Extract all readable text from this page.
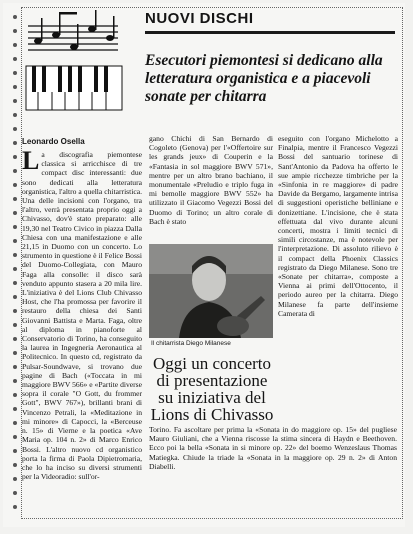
NUOVI DISCHI
Esecutori piemontesi si dedicano alla letteratura organistica e a piacevoli sonate per chitarra
Leonardo Osella

La discografia piemontese classica si arricchisce di tre compact disc interessanti: due sono dedicati alla letteratura organistica, l'altro a quella chitarristica. Una delle incisioni con l'organo, tra l'altro, verrà presentata proprio oggi a Chivasso, dov'è stato preparato: alle 19,30 nel Teatro Civico in piazza Dalla Chiesa con una manifestazione e alle 21,15 in Duomo con un concerto. Lo strumento in questione è il Felice Bossi del Duomo-Collegiata, con Mauro Faga alla consolle: il disco sarà venduto appunto stasera a 20 mila lire. L'iniziativa è del Lions Club Chivasso Host, che l'ha promossa per favorire il restauro della chiesa dei Santi Giovanni Battista e Marta. Faga, oltre al diploma in pianoforte al Conservatorio di Torino, ha conseguito la laurea in Ingegneria Aeronautica al Politecnico. In questo cd, registrato da Pulsar-Soundwave, si trovano due pagine di Bach («Toccata in mi maggiore BWV 566» e «Partite diverse sopra il corale "O Gott, du frommer Gott", BWV 767»), brillanti brani di Vincenzo Petrali, la «Meditazione in mi minore» di Capocci, la «Berceuse n. 15» di Vierne e la poetica «Ave Maria op. 104 n. 2» di Marco Enrico Bossi. L'altro nuovo cd organistico porta la firma di Paola Dipietromaria, che lo ha inciso su diversi strumenti per la Videoradio: sull'or-

gano Chichi di San Bernardo di Cogoleto (Genova) per l'«Offertoire sur les grands jeux» di Couperin e la «Fantasia in sol maggiore BWV 571», mentre per un altro brano bachiano, il monumentale «Preludio e triplo fuga in mi bemolle maggiore BWV 552» ha utilizzato il Giacomo Vegezzi Bossi del Duomo di Torino; un altro corale di Bach è stato

eseguito con l'organo Michelotto a Finalpia, mentre il Francesco Vegezzi Bossi del santuario torinese di Sant'Antonio da Padova ha offerto le sue ampie ricchezze timbriche per la «Sinfonia in re maggiore» di padre Davide da Bergamo, largamente intrisa di suggestioni operistiche belliniane e donizettiane. L'incisione, che è stata effettuata dal vivo durante alcuni concerti, mostra i limiti tecnici di simili circostanze, ma è notevole per l'interpretazione. Di assoluto rilievo è il compact della Phoenix Classics registrato da Diego Milanese. Sono tre «Sonate per chitarra», composte a Vienna ai primi dell'Ottocento, il periodo aureo per la chitarra. Diego Milanese fa parte dell'insieme Camerata di

Il chitarrista Diego Milanese

Oggi un concerto di presentazione su iniziativa del Lions di Chivasso

Torino. Fa ascoltare per prima la «Sonata in do maggiore op. 15» del pugliese Mauro Giuliani, che a Vienna riscosse la stima sincera di Haydn e Beethoven. Ecco poi la bella «Sonata in si minore op. 22» del boemo Wenzeslaus Thomas Matiegka. Chiude la triade la «Sonata in la maggiore op. 29 n. 2» di Anton Diabelli.
